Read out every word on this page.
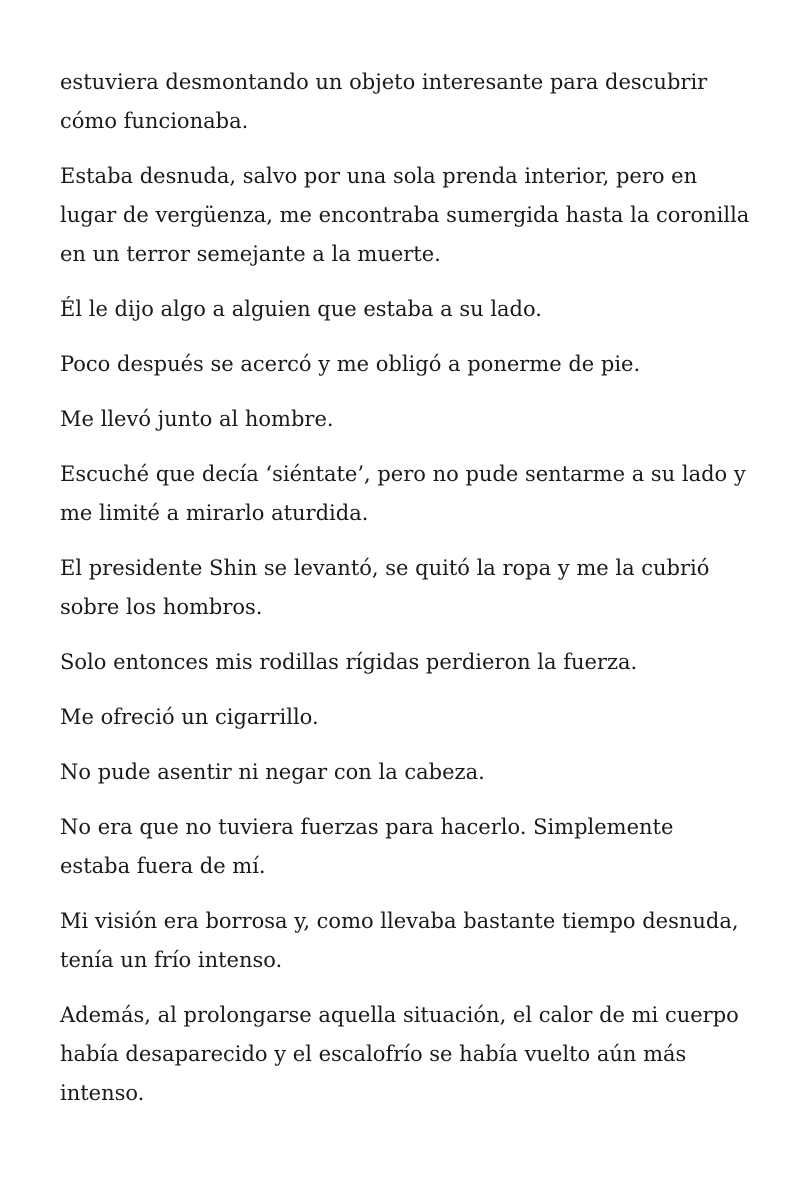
estuviera desmontando un objeto interesante para descubrir cómo funcionaba.

Estaba desnuda, salvo por una sola prenda interior, pero en lugar de vergüenza, me encontraba sumergida hasta la coronilla en un terror semejante a la muerte.

Él le dijo algo a alguien que estaba a su lado.

Poco después se acercó y me obligó a ponerme de pie.

Me llevó junto al hombre.

Escuché que decía ‘siéntate’, pero no pude sentarme a su lado y me limité a mirarlo aturdida.

El presidente Shin se levantó, se quitó la ropa y me la cubrió sobre los hombros.

Solo entonces mis rodillas rígidas perdieron la fuerza.

Me ofreció un cigarrillo.

No pude asentir ni negar con la cabeza.

No era que no tuviera fuerzas para hacerlo. Simplemente estaba fuera de mí.

Mi visión era borrosa y, como llevaba bastante tiempo desnuda, tenía un frío intenso.

Además, al prolongarse aquella situación, el calor de mi cuerpo había desaparecido y el escalofrío se había vuelto aún más intenso.
